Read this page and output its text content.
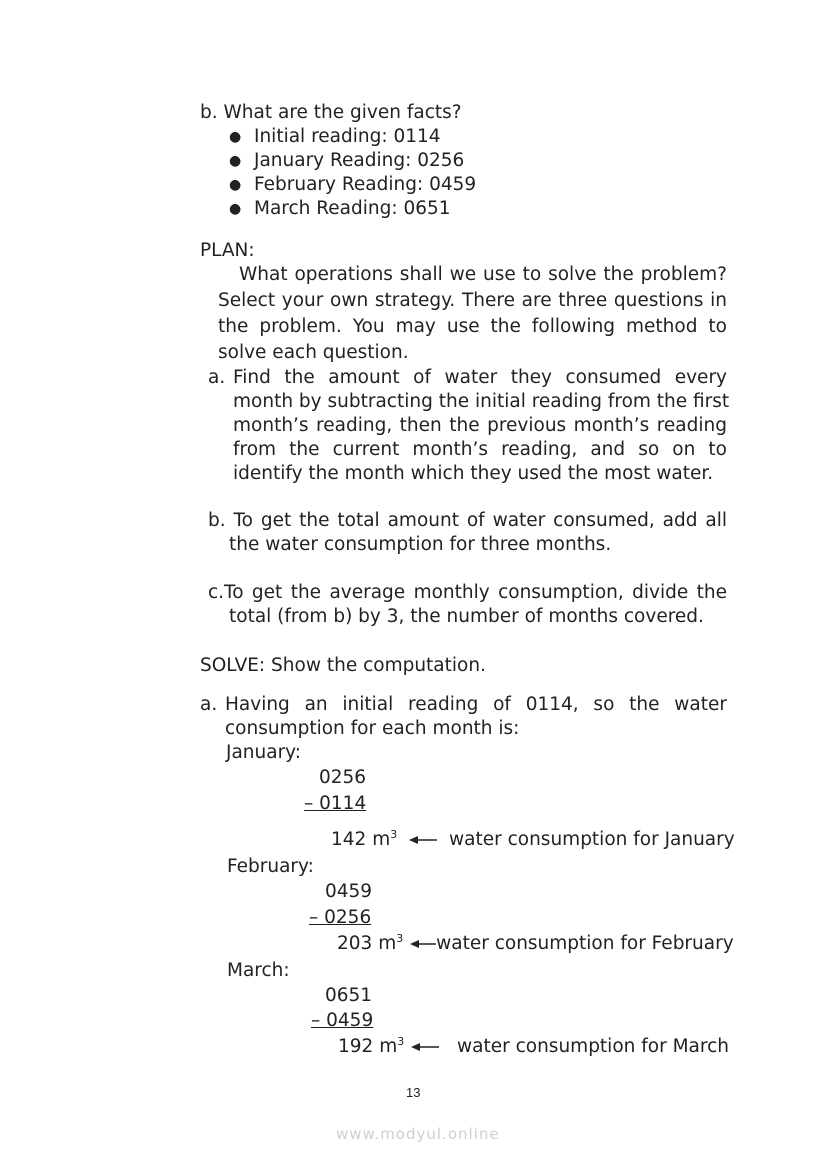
b. What are the given facts?
● Initial reading: 0114
● January Reading: 0256
● February Reading: 0459
● March Reading: 0651
PLAN:
What operations shall we use to solve the problem?
Select your own strategy. There are three questions in
the problem. You may use the following method to
solve each question.
a. Find the amount of water they consumed every
month by subtracting the initial reading from the first
month’s reading, then the previous month’s reading
from the current month’s reading, and so on to
identify the month which they used the most water.
b. To get the total amount of water consumed, add all
the water consumption for three months.
c.To get the average monthly consumption, divide the
total (from b) by 3, the number of months covered.
SOLVE: Show the computation.
a. Having an initial reading of 0114, so the water
consumption for each month is:
January:
0256
– 0114
142 $m^3$	water consumption for January
February:
0459
– 0256
203 $m^3$ water consumption for February
March:
0651
– 0459
192 $m^3$	water consumption for March
13
www.modyul.online
